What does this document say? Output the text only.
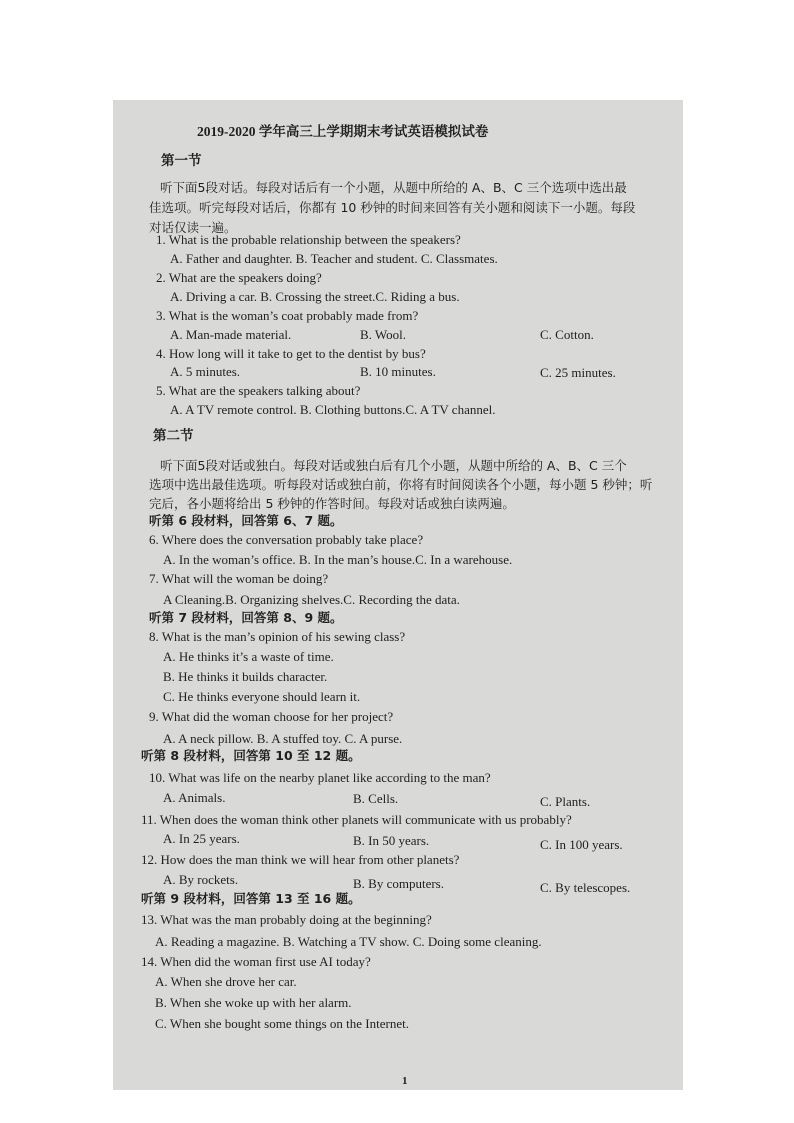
2019-2020 学年高三上学期期末考试英语模拟试卷
第一节
听下面5段对话。每段对话后有一个小题，从题中所给的 A、B、C 三个选项中选出最
佳选项。听完每段对话后，你都有 10 秒钟的时间来回答有关小题和阅读下一小题。每段
对话仅读一遍。
1. What is the probable relationship between the speakers?
A. Father and daughter. B. Teacher and student. C. Classmates.
2. What are the speakers doing?
A. Driving a car. B. Crossing the street.C. Riding a bus.
3. What is the woman’s coat probably made from?
A. Man-made material.	B. Wool.	C. Cotton.
4. How long will it take to get to the dentist by bus?
A. 5 minutes.	B. 10 minutes.	C. 25 minutes.
5. What are the speakers talking about?
A. A TV remote control. B. Clothing buttons.C. A TV channel.
第二节
听下面5段对话或独白。每段对话或独白后有几个小题，从题中所给的 A、B、C 三个
选项中选出最佳选项。听每段对话或独白前，你将有时间阅读各个小题，每小题 5 秒钟；听
完后，各小题将给出 5 秒钟的作答时间。每段对话或独白读两遍。
听第 6 段材料，回答第 6、7 题。
6. Where does the conversation probably take place?
A. In the woman’s office. B. In the man’s house.C. In a warehouse.
7. What will the woman be doing?
A Cleaning.B. Organizing shelves.C. Recording the data.
听第 7 段材料，回答第 8、9 题。
8. What is the man’s opinion of his sewing class?
A. He thinks it’s a waste of time.
B. He thinks it builds character.
C. He thinks everyone should learn it.
9. What did the woman choose for her project?
A. A neck pillow. B. A stuffed toy. C. A purse.
听第 8 段材料，回答第 10 至 12 题。
10. What was life on the nearby planet like according to the man?
A. Animals.	B. Cells.	C. Plants.
11. When does the woman think other planets will communicate with us probably?
A. In 25 years.	B. In 50 years.	C. In 100 years.
12. How does the man think we will hear from other planets?
A. By rockets.	B. By computers.	C. By telescopes.
听第 9 段材料，回答第 13 至 16 题。
13. What was the man probably doing at the beginning?
A. Reading a magazine. B. Watching a TV show. C. Doing some cleaning.
14. When did the woman first use AI today?
A. When she drove her car.
B. When she woke up with her alarm.
C. When she bought some things on the Internet.
1
